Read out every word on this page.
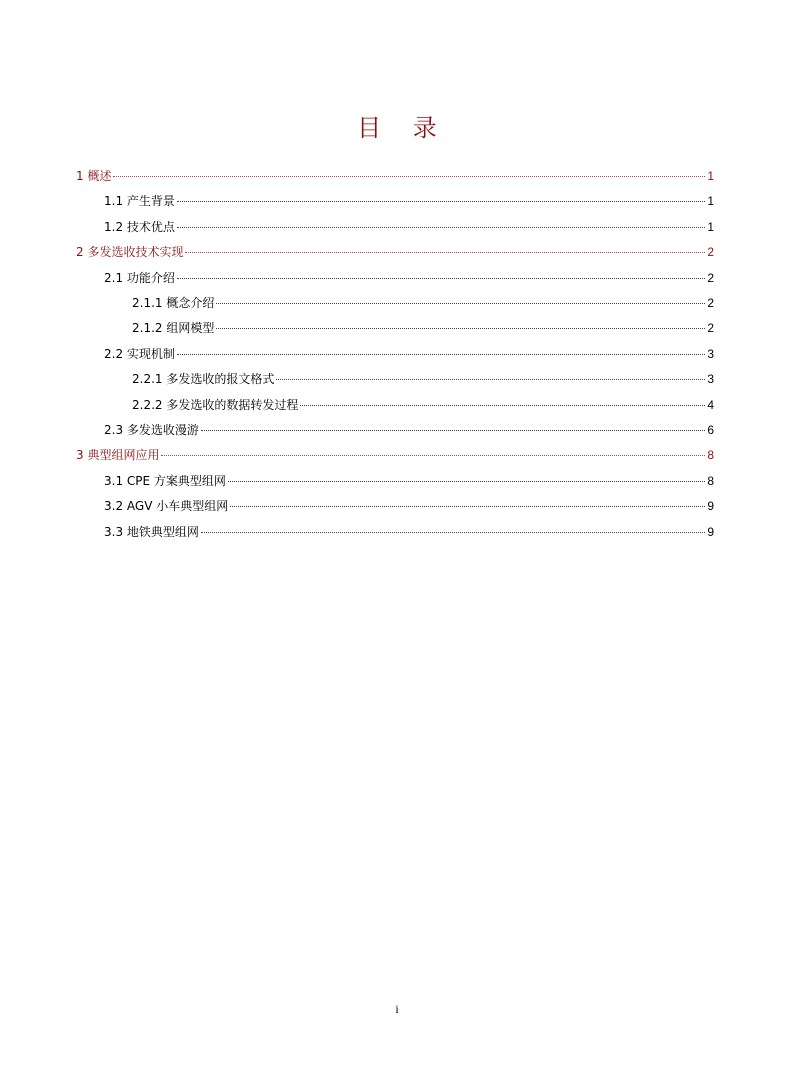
目 录
1 概述	1
1.1 产生背景	1
1.2 技术优点	1
2 多发选收技术实现	2
2.1 功能介绍	2
2.1.1 概念介绍	2
2.1.2 组网模型	2
2.2 实现机制	3
2.2.1 多发选收的报文格式	3
2.2.2 多发选收的数据转发过程	4
2.3 多发选收漫游	6
3 典型组网应用	8
3.1 CPE 方案典型组网	8
3.2 AGV 小车典型组网	9
3.3 地铁典型组网	9
i
